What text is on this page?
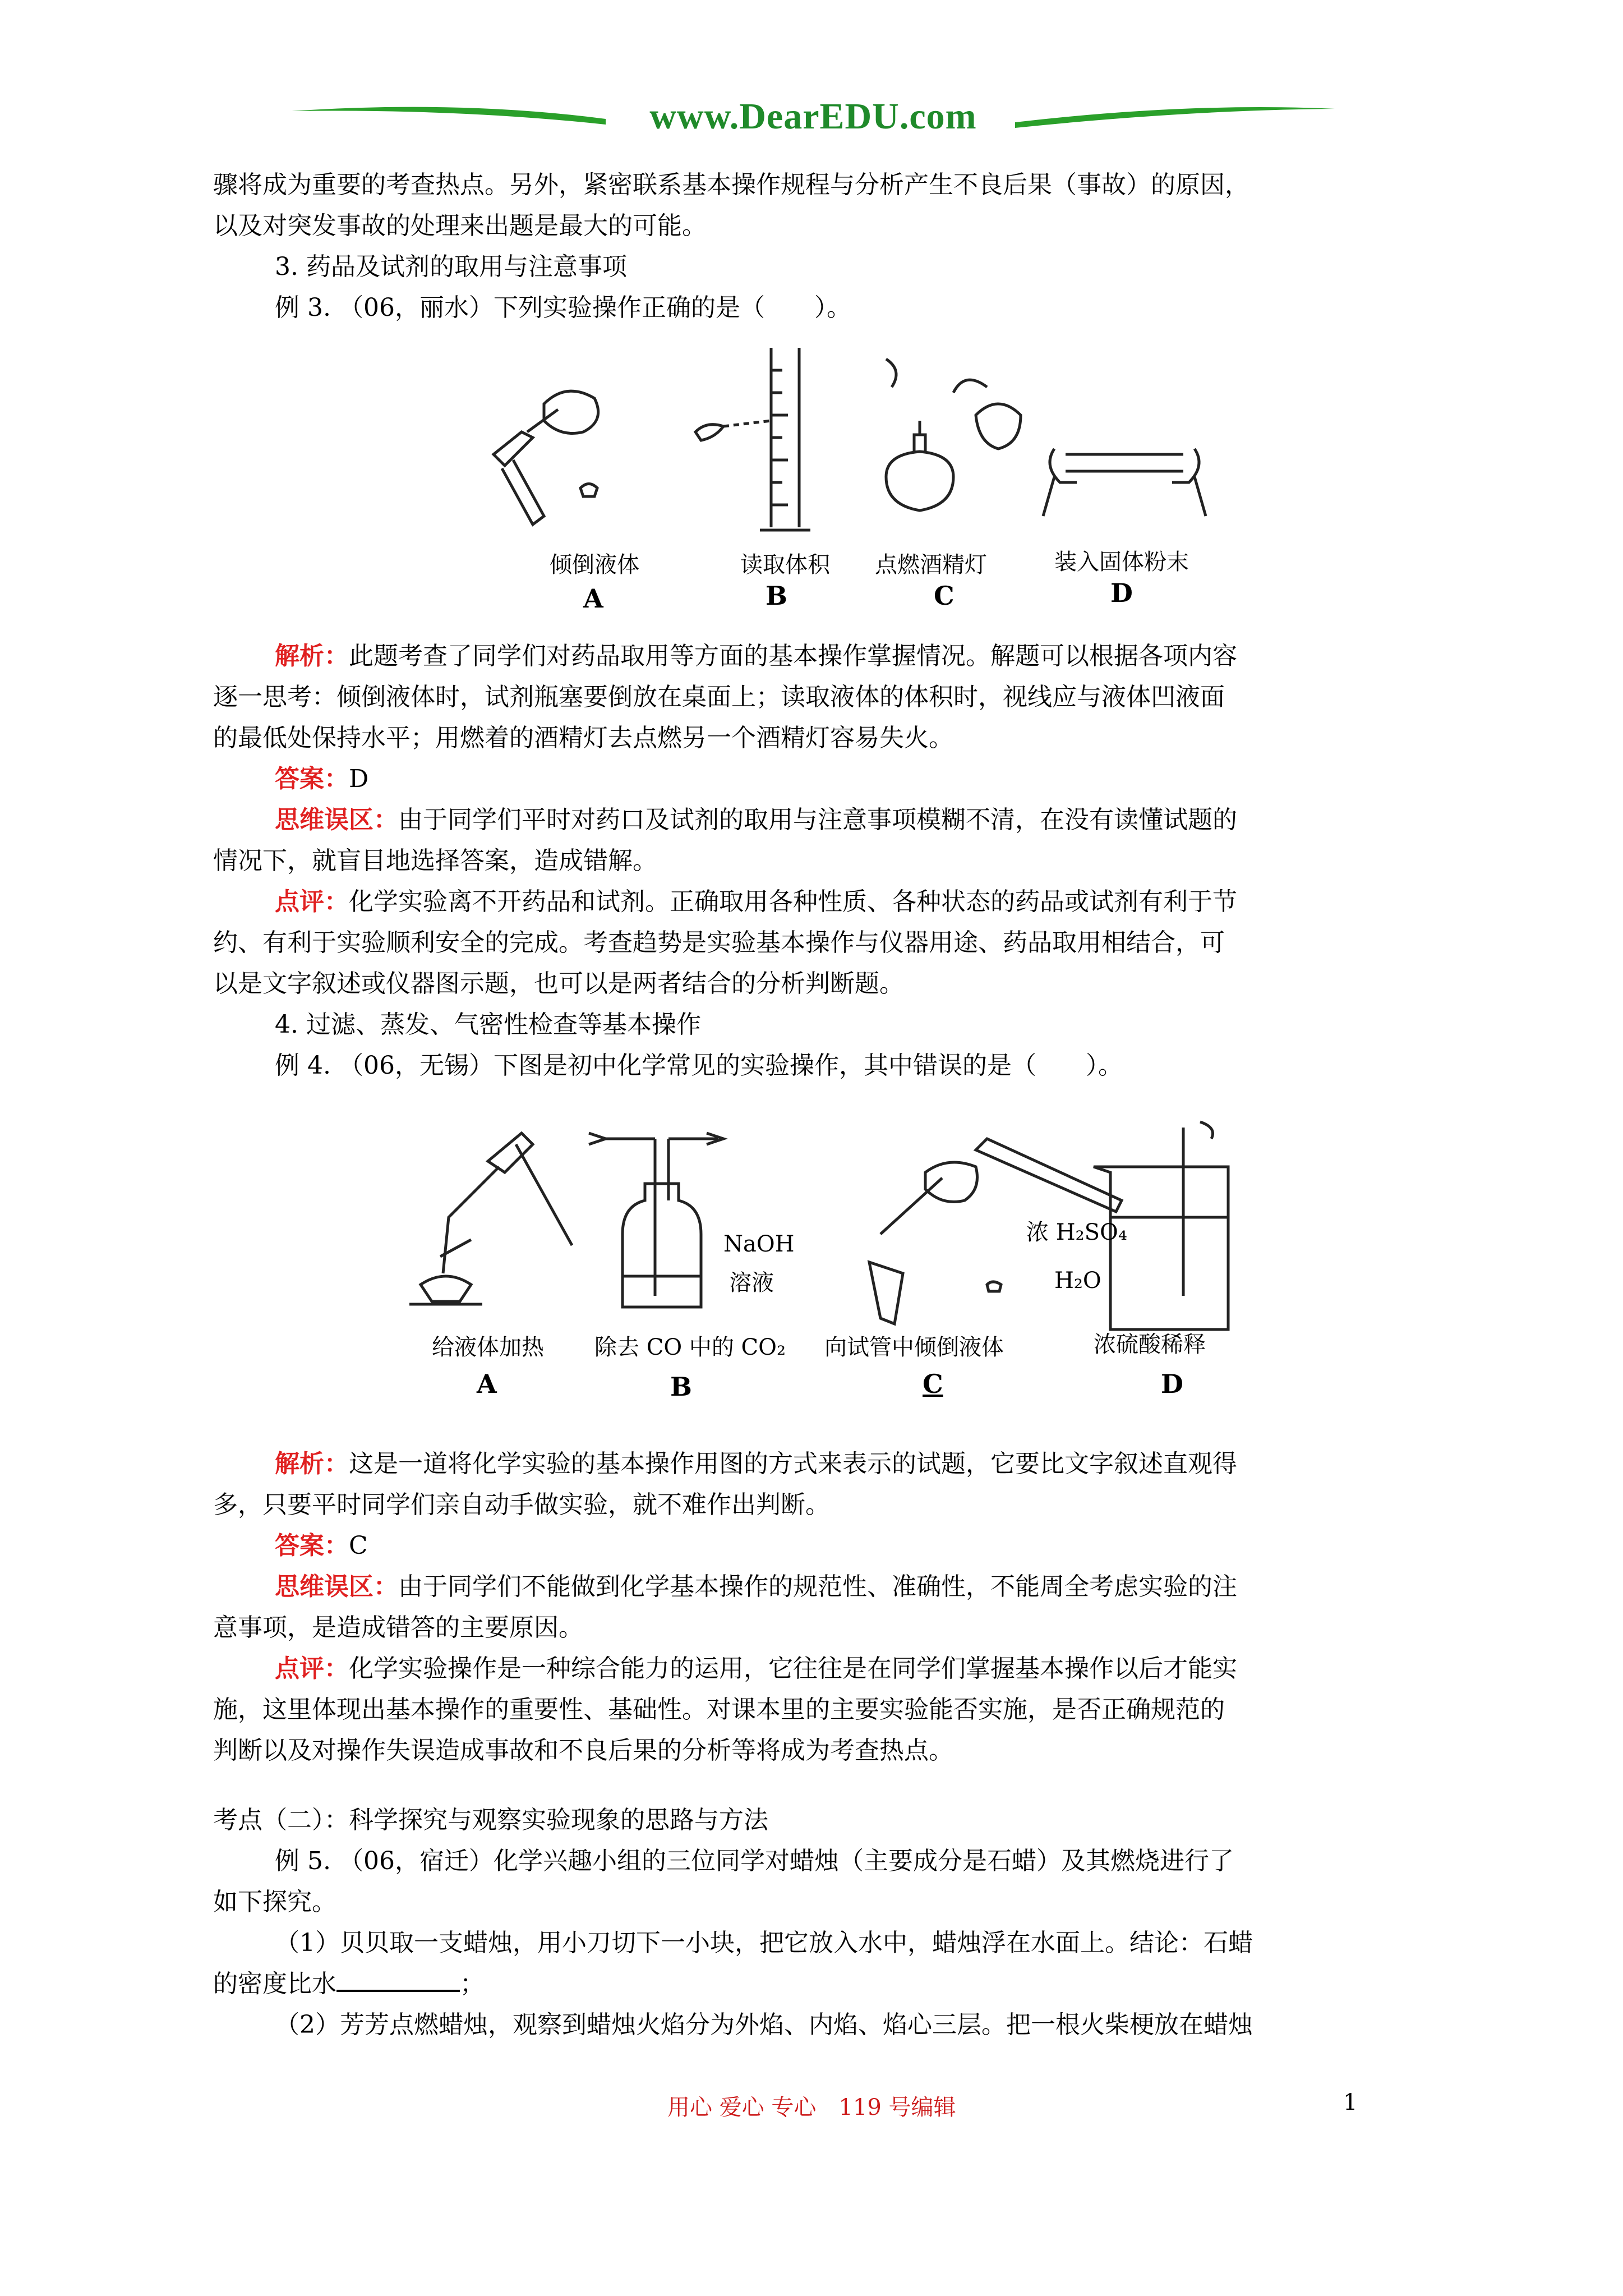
www.DearEDU.com
骤将成为重要的考查热点。另外，紧密联系基本操作规程与分析产生不良后果（事故）的原因，
以及对突发事故的处理来出题是最大的可能。
3. 药品及试剂的取用与注意事项
例 3. （06，丽水）下列实验操作正确的是（　　）。
倾倒液体	读取体积 点燃酒精灯	装入固体粉末
A	B	C	D
解析：此题考查了同学们对药品取用等方面的基本操作掌握情况。解题可以根据各项内容
逐一思考：倾倒液体时，试剂瓶塞要倒放在桌面上；读取液体的体积时，视线应与液体凹液面
的最低处保持水平；用燃着的酒精灯去点燃另一个酒精灯容易失火。
答案：D
思维误区：由于同学们平时对药口及试剂的取用与注意事项模糊不清，在没有读懂试题的
情况下，就盲目地选择答案，造成错解。
点评：化学实验离不开药品和试剂。正确取用各种性质、各种状态的药品或试剂有利于节
约、有利于实验顺利安全的完成。考查趋势是实验基本操作与仪器用途、药品取用相结合，可
以是文字叙述或仪器图示题，也可以是两者结合的分析判断题。
4. 过滤、蒸发、气密性检查等基本操作
例 4. （06，无锡）下图是初中化学常见的实验操作，其中错误的是（　　）。
NaOH
溶液
浓 H₂SO₄
H₂O
给液体加热 除去 CO 中的 CO₂ 向试管中倾倒液体	浓硫酸稀释
A	B	C	D
解析：这是一道将化学实验的基本操作用图的方式来表示的试题，它要比文字叙述直观得
多，只要平时同学们亲自动手做实验，就不难作出判断。
答案：C
思维误区：由于同学们不能做到化学基本操作的规范性、准确性，不能周全考虑实验的注
意事项，是造成错答的主要原因。
点评：化学实验操作是一种综合能力的运用，它往往是在同学们掌握基本操作以后才能实
施，这里体现出基本操作的重要性、基础性。对课本里的主要实验能否实施，是否正确规范的
判断以及对操作失误造成事故和不良后果的分析等将成为考查热点。
考点（二）：科学探究与观察实验现象的思路与方法
例 5. （06，宿迁）化学兴趣小组的三位同学对蜡烛（主要成分是石蜡）及其燃烧进行了
如下探究。
（1）贝贝取一支蜡烛，用小刀切下一小块，把它放入水中，蜡烛浮在水面上。结论：石蜡
的密度比水	；
（2）芳芳点燃蜡烛，观察到蜡烛火焰分为外焰、内焰、焰心三层。把一根火柴梗放在蜡烛
用心 爱心 专心　119 号编辑	1
